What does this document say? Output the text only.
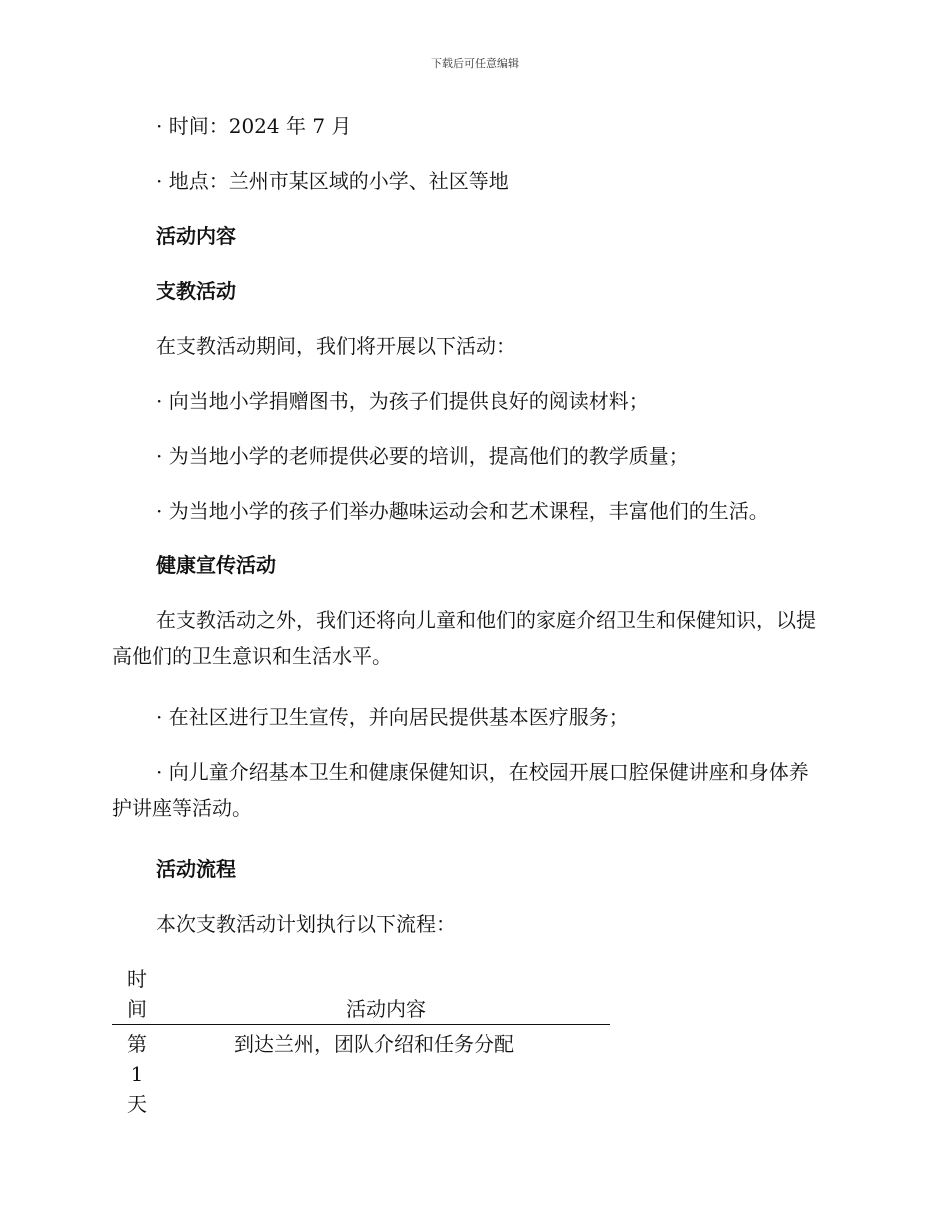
下载后可任意编辑
· 时间：2024 年 7 月
· 地点：兰州市某区域的小学、社区等地
活动内容
支教活动
在支教活动期间，我们将开展以下活动：
· 向当地小学捐赠图书，为孩子们提供良好的阅读材料；
· 为当地小学的老师提供必要的培训，提高他们的教学质量；
· 为当地小学的孩子们举办趣味运动会和艺术课程，丰富他们的生活。
健康宣传活动
在支教活动之外，我们还将向儿童和他们的家庭介绍卫生和保健知识，以提高他们的卫生意识和生活水平。
· 在社区进行卫生宣传，并向居民提供基本医疗服务；
· 向儿童介绍基本卫生和健康保健知识，在校园开展口腔保健讲座和身体养护讲座等活动。
活动流程
本次支教活动计划执行以下流程：
时间	活动内容
第 1 天	到达兰州，团队介绍和任务分配
